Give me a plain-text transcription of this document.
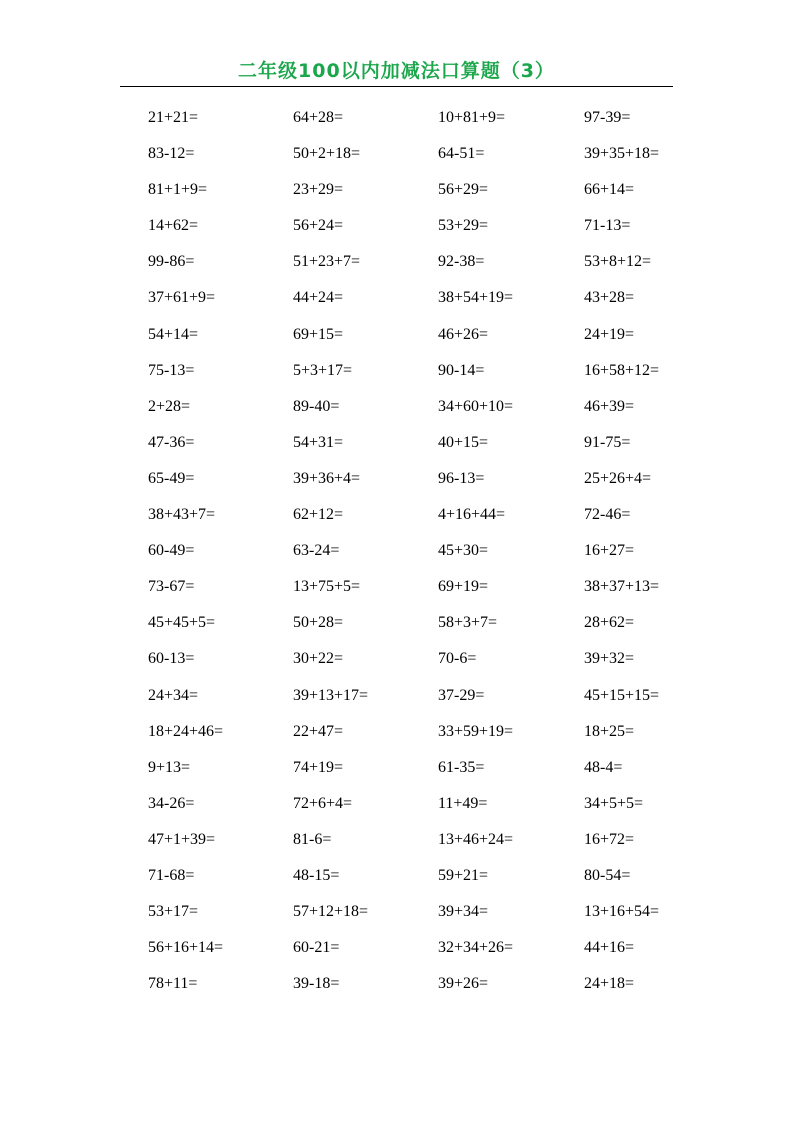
二年级100以内加减法口算题（3）
21+21=	64+28=	10+81+9=	97-39=
83-12=	50+2+18=	64-51=	39+35+18=
81+1+9=	23+29=	56+29=	66+14=
14+62=	56+24=	53+29=	71-13=
99-86=	51+23+7=	92-38=	53+8+12=
37+61+9=	44+24=	38+54+19=	43+28=
54+14=	69+15=	46+26=	24+19=
75-13=	5+3+17=	90-14=	16+58+12=
2+28=	89-40=	34+60+10=	46+39=
47-36=	54+31=	40+15=	91-75=
65-49=	39+36+4=	96-13=	25+26+4=
38+43+7=	62+12=	4+16+44=	72-46=
60-49=	63-24=	45+30=	16+27=
73-67=	13+75+5=	69+19=	38+37+13=
45+45+5=	50+28=	58+3+7=	28+62=
60-13=	30+22=	70-6=	39+32=
24+34=	39+13+17=	37-29=	45+15+15=
18+24+46=	22+47=	33+59+19=	18+25=
9+13=	74+19=	61-35=	48-4=
34-26=	72+6+4=	11+49=	34+5+5=
47+1+39=	81-6=	13+46+24=	16+72=
71-68=	48-15=	59+21=	80-54=
53+17=	57+12+18=	39+34=	13+16+54=
56+16+14=	60-21=	32+34+26=	44+16=
78+11=	39-18=	39+26=	24+18=
